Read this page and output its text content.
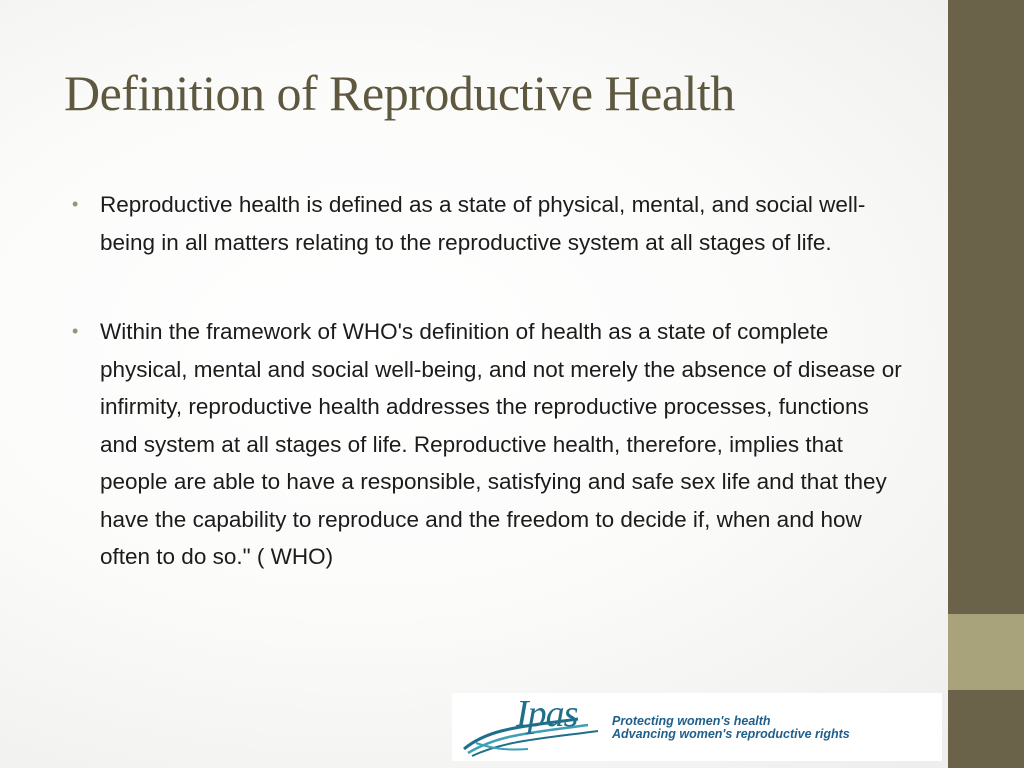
Definition of Reproductive Health
• Reproductive health is defined as a state of physical, mental, and social well-being in all matters relating to the reproductive system at all stages of life.
• Within the framework of WHO's definition of health as a state of complete physical, mental and social well-being, and not merely the absence of disease or infirmity, reproductive health addresses the reproductive processes, functions and system at all stages of life. Reproductive health, therefore, implies that people are able to have a responsible, satisfying and safe sex life and that they have the capability to reproduce and the freedom to decide if, when and how often to do so." ( WHO)
Ipas	Protecting women's health
Advancing women's reproductive rights
